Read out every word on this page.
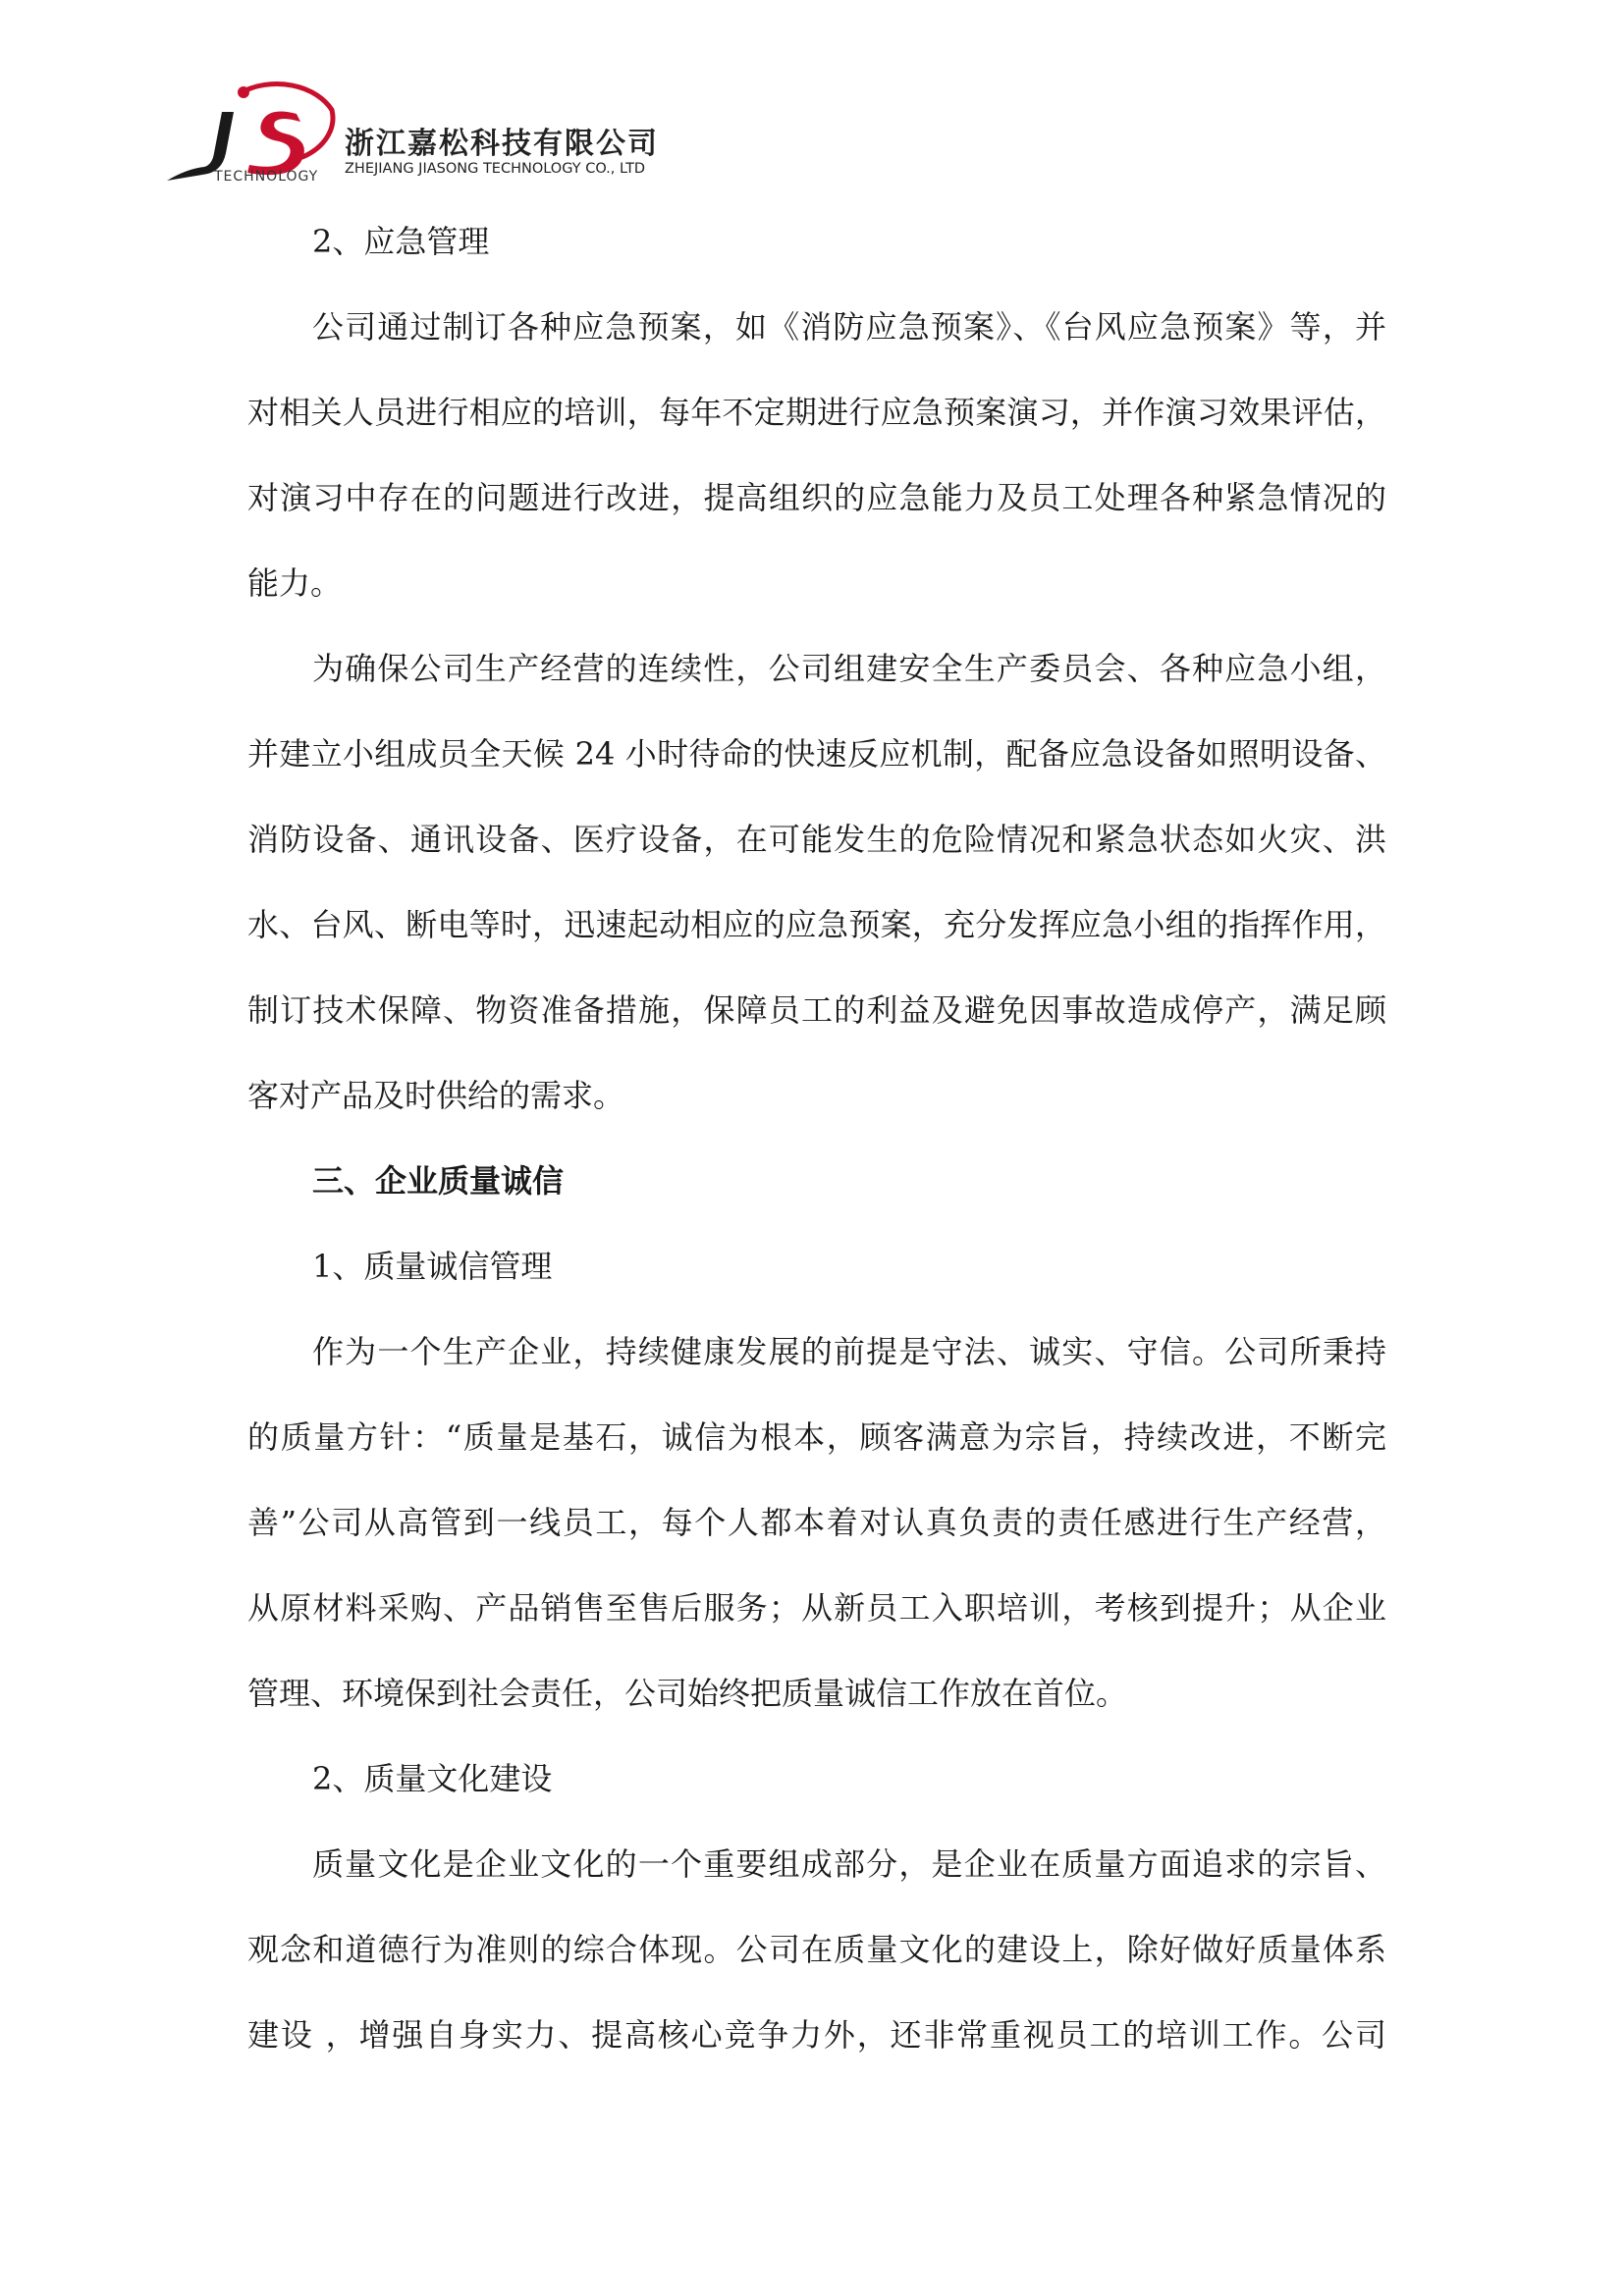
TECHNOLOGY
浙江嘉松科技有限公司
ZHEJIANG JIASONG TECHNOLOGY CO., LTD
2、应急管理
公司通过制订各种应急预案，如《消防应急预案》、《台风应急预案》等，并
对相关人员进行相应的培训，每年不定期进行应急预案演习，并作演习效果评估，
对演习中存在的问题进行改进，提高组织的应急能力及员工处理各种紧急情况的
能力。
为确保公司生产经营的连续性，公司组建安全生产委员会、各种应急小组，
并建立小组成员全天候 24 小时待命的快速反应机制，配备应急设备如照明设备、
消防设备、通讯设备、医疗设备，在可能发生的危险情况和紧急状态如火灾、洪
水、台风、断电等时，迅速起动相应的应急预案，充分发挥应急小组的指挥作用，
制订技术保障、物资准备措施，保障员工的利益及避免因事故造成停产，满足顾
客对产品及时供给的需求。
三、企业质量诚信
1、质量诚信管理
作为一个生产企业，持续健康发展的前提是守法、诚实、守信。公司所秉持
的质量方针：“质量是基石，诚信为根本，顾客满意为宗旨，持续改进，不断完
善”公司从高管到一线员工，每个人都本着对认真负责的责任感进行生产经营，
从原材料采购、产品销售至售后服务；从新员工入职培训，考核到提升；从企业
管理、环境保到社会责任，公司始终把质量诚信工作放在首位。
2、质量文化建设
质量文化是企业文化的一个重要组成部分，是企业在质量方面追求的宗旨、
观念和道德行为准则的综合体现。公司在质量文化的建设上，除好做好质量体系
建设 ，增强自身实力、提高核心竞争力外，还非常重视员工的培训工作。公司
